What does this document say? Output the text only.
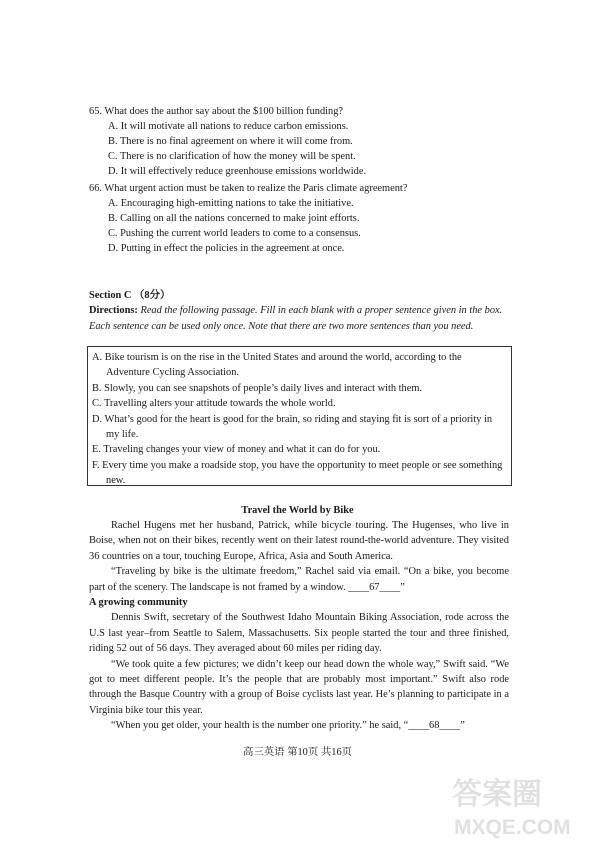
65. What does the author say about the $100 billion funding?
A. It will motivate all nations to reduce carbon emissions.
B. There is no final agreement on where it will come from.
C. There is no clarification of how the money will be spent.
D. It will effectively reduce greenhouse emissions worldwide.
66. What urgent action must be taken to realize the Paris climate agreement?
A. Encouraging high-emitting nations to take the initiative.
B. Calling on all the nations concerned to make joint efforts.
C. Pushing the current world leaders to come to a consensus.
D. Putting in effect the policies in the agreement at once.
Section C （8分）
Directions: Read the following passage. Fill in each blank with a proper sentence given in the box. Each sentence can be used only once. Note that there are two more sentences than you need.
A. Bike tourism is on the rise in the United States and around the world, according to the
Adventure Cycling Association.
B. Slowly, you can see snapshots of people’s daily lives and interact with them.
C. Travelling alters your attitude towards the whole world.
D. What’s good for the heart is good for the brain, so riding and staying fit is sort of a priority in
my life.
E. Traveling changes your view of money and what it can do for you.
F. Every time you make a roadside stop, you have the opportunity to meet people or see something
new.
Travel the World by Bike

Rachel Hugens met her husband, Patrick, while bicycle touring. The Hugenses, who live in Boise, when not on their bikes, recently went on their latest round-the-world adventure. They visited 36 countries on a tour, touching Europe, Africa, Asia and South America.

“Traveling by bike is the ultimate freedom,” Rachel said via email. “On a bike, you become part of the scenery. The landscape is not framed by a window. ____67____”

A growing community

Dennis Swift, secretary of the Southwest Idaho Mountain Biking Association, rode across the U.S last year–from Seattle to Salem, Massachusetts. Six people started the tour and three finished, riding 52 out of 56 days. They averaged about 60 miles per riding day.

“We took quite a few pictures; we didn’t keep our head down the whole way,” Swift said. “We got to meet different people. It’s the people that are probably most important.” Swift also rode through the Basque Country with a group of Boise cyclists last year. He’s planning to participate in a Virginia bike tour this year.

“When you get older, your health is the number one priority.” he said, “____68____”

高三英语 第10页 共16页
答案圈
MXQE.COM
